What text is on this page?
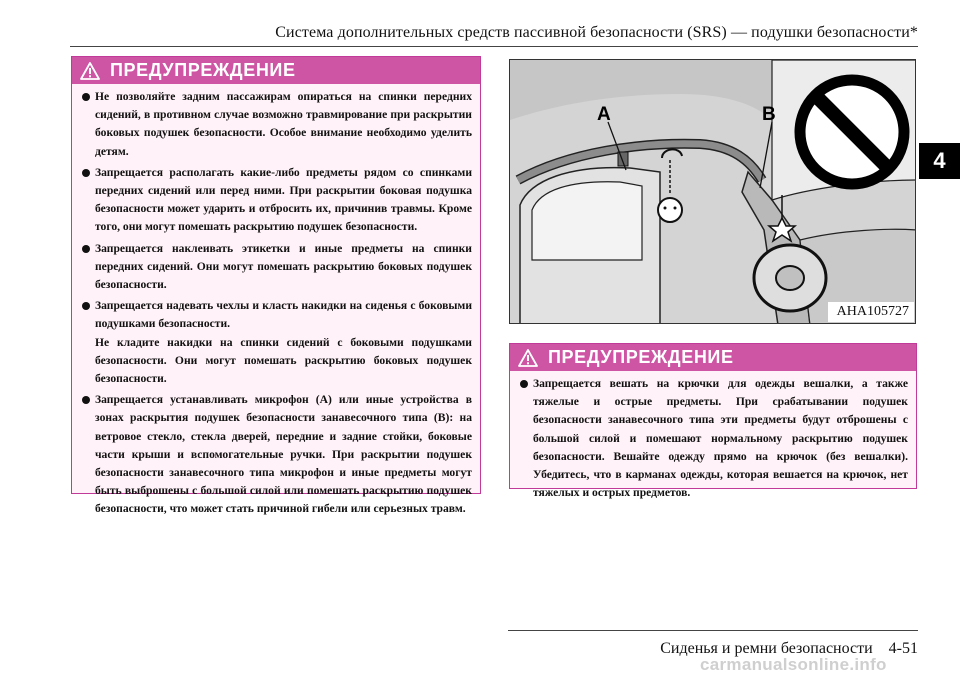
Система дополнительных средств пассивной безопасности (SRS) — подушки безопасности*
4
ПРЕДУПРЕЖДЕНИЕ
Не позволяйте задним пассажирам опираться на спинки передних сидений, в противном случае возможно травмирование при раскрытии боковых подушек безопасности. Особое внимание необходимо уделить детям.
Запрещается располагать какие-либо предметы рядом со спинками передних сидений или перед ними. При раскрытии боковая подушка безопасности может ударить и отбросить их, причинив травмы. Кроме того, они могут помешать раскрытию подушек безопасности.
Запрещается наклеивать этикетки и иные предметы на спинки передних сидений. Они могут помешать раскрытию боковых подушек безопасности.
Запрещается надевать чехлы и класть накидки на сиденья с боковыми подушками безопасности.
Не кладите накидки на спинки сидений с боковыми подушками безопасности. Они могут помешать раскрытию боковых подушек безопасности.
Запрещается устанавливать микрофон (A) или иные устройства в зонах раскрытия подушек безопасности занавесочного типа (B): на ветровое стекло, стекла дверей, передние и задние стойки, боковые части крыши и вспомогательные ручки. При раскрытии подушек безопасности занавесочного типа микрофон и иные предметы могут быть выброшены с большой силой или помешать раскрытию подушек безопасности, что может стать причиной гибели или серьезных травм.
A	B
AHA105727
ПРЕДУПРЕЖДЕНИЕ
Запрещается вешать на крючки для одежды вешалки, а также тяжелые и острые предметы. При срабатывании подушек безопасности занавесочного типа эти предметы будут отброшены с большой силой и помешают нормальному раскрытию подушек безопасности. Вешайте одежду прямо на крючок (без вешалки). Убедитесь, что в карманах одежды, которая вешается на крючок, нет тяжелых и острых предметов.
Сиденья и ремни безопасности    4-51
carmanualsonline.info
